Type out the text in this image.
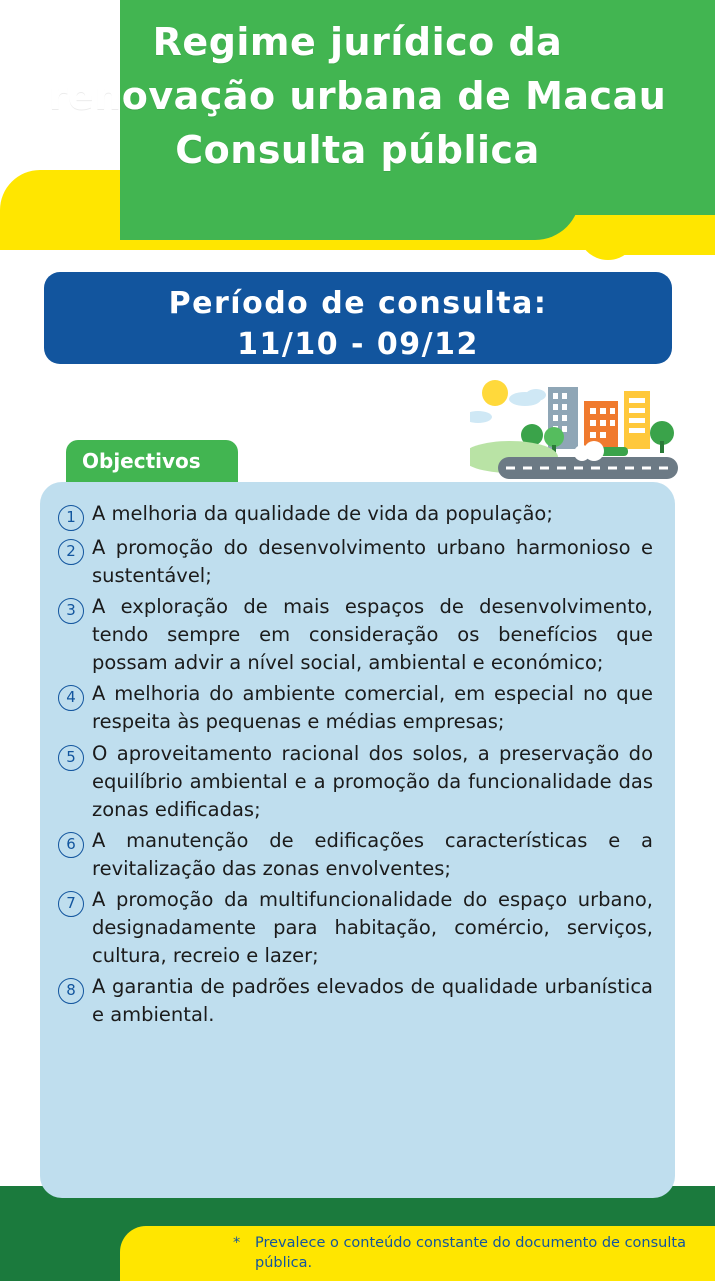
Regime jurídico da
renovação urbana de Macau
Consulta pública
Período de consulta:
11/10 - 09/12
Objectivos
1 A melhoria da qualidade de vida da população;
2 A promoção do desenvolvimento urbano harmonioso e sustentável;
3 A exploração de mais espaços de desenvolvimento, tendo sempre em consideração os benefícios que possam advir a nível social, ambiental e económico;
4 A melhoria do ambiente comercial, em especial no que respeita às pequenas e médias empresas;
5 O aproveitamento racional dos solos, a preservação do equilíbrio ambiental e a promoção da funcionalidade das zonas edificadas;
6 A manutenção de edificações características e a revitalização das zonas envolventes;
7 A promoção da multifuncionalidade do espaço urbano, designadamente para habitação, comércio, serviços, cultura, recreio e lazer;
8 A garantia de padrões elevados de qualidade urbanística e ambiental.
* Prevalece o conteúdo constante do documento de consulta pública.
